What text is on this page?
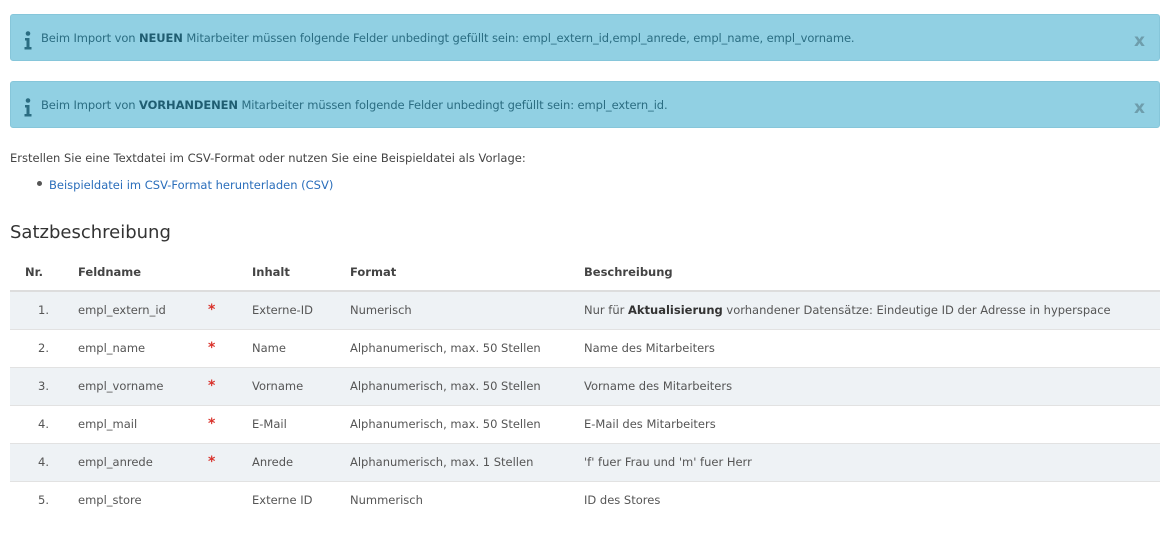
Beim Import von NEUEN Mitarbeiter müssen folgende Felder unbedingt gefüllt sein: empl_extern_id,empl_anrede, empl_name, empl_vorname.	x
Beim Import von VORHANDENEN Mitarbeiter müssen folgende Felder unbedingt gefüllt sein: empl_extern_id.	x
Erstellen Sie eine Textdatei im CSV-Format oder nutzen Sie eine Beispieldatei als Vorlage:
Beispieldatei im CSV-Format herunterladen (CSV)
Satzbeschreibung
Nr.	Feldname		Inhalt	Format	Beschreibung
1.	empl_extern_id	*	Externe-ID	Numerisch	Nur für Aktualisierung vorhandener Datensätze: Eindeutige ID der Adresse in hyperspace
2.	empl_name	*	Name	Alphanumerisch, max. 50 Stellen	Name des Mitarbeiters
3.	empl_vorname	*	Vorname	Alphanumerisch, max. 50 Stellen	Vorname des Mitarbeiters
4.	empl_mail	*	E-Mail	Alphanumerisch, max. 50 Stellen	E-Mail des Mitarbeiters
4.	empl_anrede	*	Anrede	Alphanumerisch, max. 1 Stellen	'f' fuer Frau und 'm' fuer Herr
5.	empl_store		Externe ID	Nummerisch	ID des Stores
